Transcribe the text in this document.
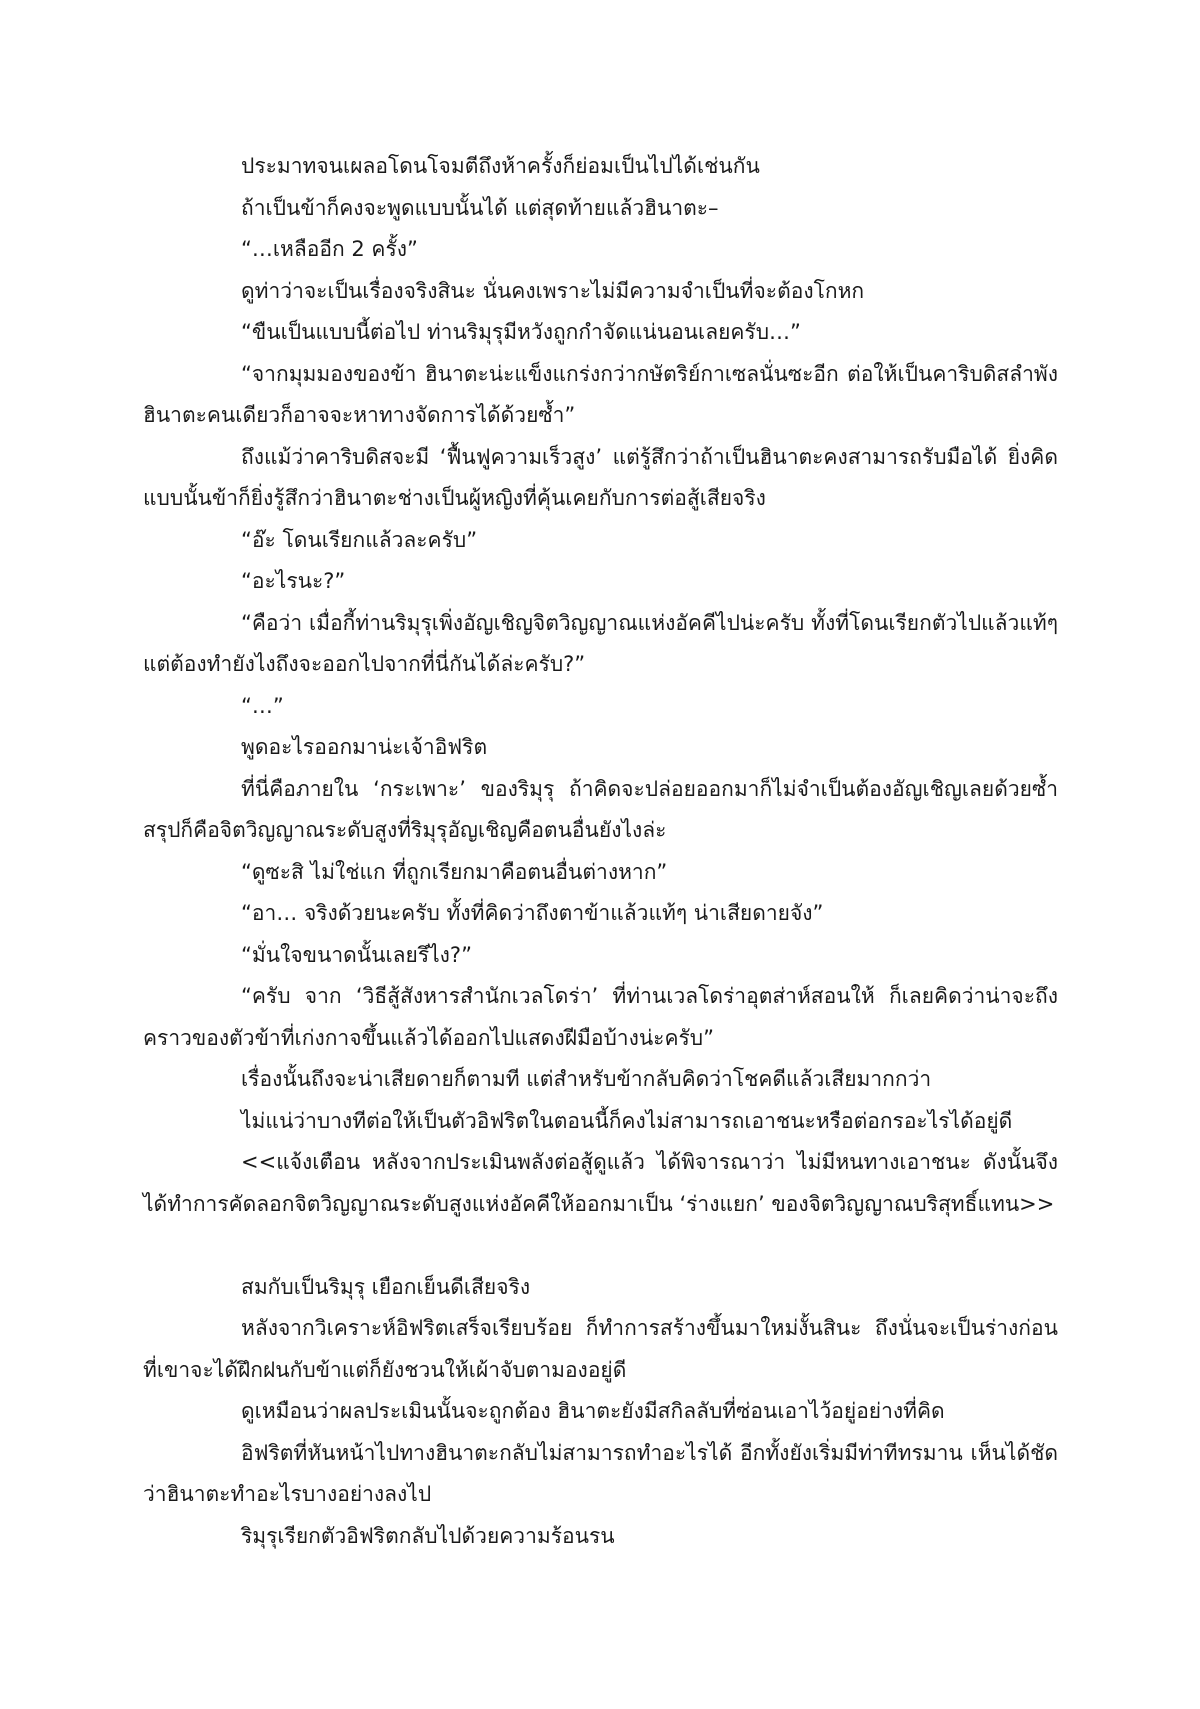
ประมาทจนเผลอโดนโจมตีถึงห้าครั้งก็ย่อมเป็นไปได้เช่นกัน

ถ้าเป็นข้าก็คงจะพูดแบบนั้นได้ แต่สุดท้ายแล้วฮินาตะ–

“…เหลืออีก 2 ครั้ง”

ดูท่าว่าจะเป็นเรื่องจริงสินะ นั่นคงเพราะไม่มีความจำเป็นที่จะต้องโกหก

“ขืนเป็นแบบนี้ต่อไป ท่านริมุรุมีหวังถูกกำจัดแน่นอนเลยครับ…”

“จากมุมมองของข้า ฮินาตะน่ะแข็งแกร่งกว่ากษัตริย์กาเซลนั่นซะอีก ต่อให้เป็นคาริบดิสลำพังฮินาตะคนเดียวก็อาจจะหาทางจัดการได้ด้วยซ้ำ”

ถึงแม้ว่าคาริบดิสจะมี ‘ฟื้นฟูความเร็วสูง’ แต่รู้สึกว่าถ้าเป็นฮินาตะคงสามารถรับมือได้ ยิ่งคิดแบบนั้นข้าก็ยิ่งรู้สึกว่าฮินาตะช่างเป็นผู้หญิงที่คุ้นเคยกับการต่อสู้เสียจริง

“อ๊ะ โดนเรียกแล้วละครับ”

“อะไรนะ?”

“คือว่า เมื่อกี้ท่านริมุรุเพิ่งอัญเชิญจิตวิญญาณแห่งอัคคีไปน่ะครับ ทั้งที่โดนเรียกตัวไปแล้วแท้ๆ แต่ต้องทำยังไงถึงจะออกไปจากที่นี่กันได้ล่ะครับ?”

“…”

พูดอะไรออกมาน่ะเจ้าอิฟริต

ที่นี่คือภายใน ‘กระเพาะ’ ของริมุรุ ถ้าคิดจะปล่อยออกมาก็ไม่จำเป็นต้องอัญเชิญเลยด้วยซ้ำ สรุปก็คือจิตวิญญาณระดับสูงที่ริมุรุอัญเชิญคือตนอื่นยังไงล่ะ

“ดูซะสิ ไม่ใช่แก ที่ถูกเรียกมาคือตนอื่นต่างหาก”

“อา… จริงด้วยนะครับ ทั้งที่คิดว่าถึงตาข้าแล้วแท้ๆ น่าเสียดายจัง”

“มั่นใจขนาดนั้นเลยรึไง?”

“ครับ จาก ‘วิธีสู้สังหารสำนักเวลโดร่า’ ที่ท่านเวลโดร่าอุตส่าห์สอนให้ ก็เลยคิดว่าน่าจะถึงคราวของตัวข้าที่เก่งกาจขึ้นแล้วได้ออกไปแสดงฝีมือบ้างน่ะครับ”

เรื่องนั้นถึงจะน่าเสียดายก็ตามที แต่สำหรับข้ากลับคิดว่าโชคดีแล้วเสียมากกว่า

ไม่แน่ว่าบางทีต่อให้เป็นตัวอิฟริตในตอนนี้ก็คงไม่สามารถเอาชนะหรือต่อกรอะไรได้อยู่ดี

<<แจ้งเตือน หลังจากประเมินพลังต่อสู้ดูแล้ว ได้พิจารณาว่า ไม่มีหนทางเอาชนะ ดังนั้นจึงได้ทำการคัดลอกจิตวิญญาณระดับสูงแห่งอัคคีให้ออกมาเป็น ‘ร่างแยก’ ของจิตวิญญาณบริสุทธิ์แทน>>

สมกับเป็นริมุรุ เยือกเย็นดีเสียจริง

หลังจากวิเคราะห์อิฟริตเสร็จเรียบร้อย ก็ทำการสร้างขึ้นมาใหม่งั้นสินะ ถึงนั่นจะเป็นร่างก่อนที่เขาจะได้ฝึกฝนกับข้าแต่ก็ยังชวนให้เผ้าจับตามองอยู่ดี

ดูเหมือนว่าผลประเมินนั้นจะถูกต้อง ฮินาตะยังมีสกิลลับที่ซ่อนเอาไว้อยู่อย่างที่คิด

อิฟริตที่หันหน้าไปทางฮินาตะกลับไม่สามารถทำอะไรได้ อีกทั้งยังเริ่มมีท่าทีทรมาน เห็นได้ชัดว่าฮินาตะทำอะไรบางอย่างลงไป

ริมุรุเรียกตัวอิฟริตกลับไปด้วยความร้อนรน
